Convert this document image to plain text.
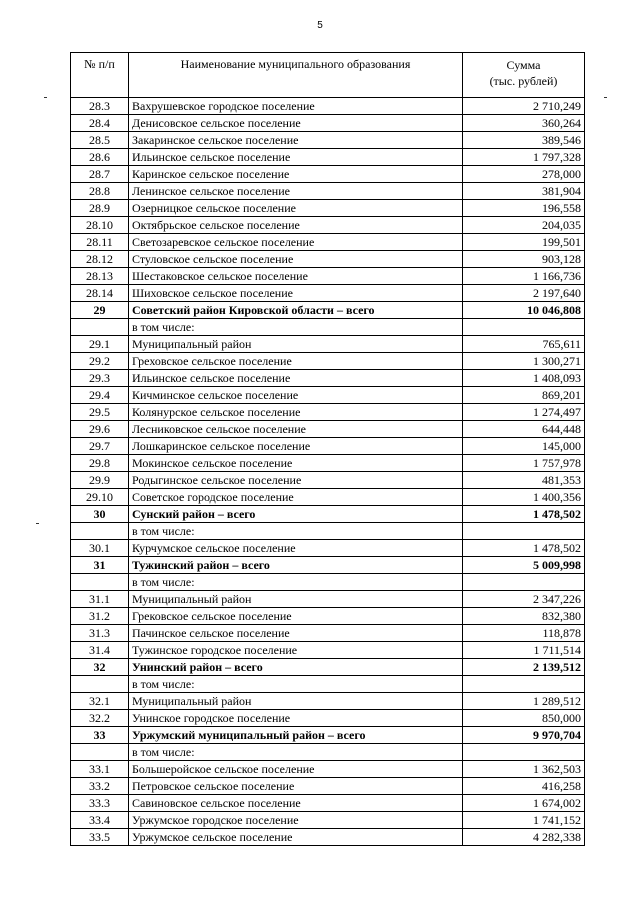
5
№ п/п	Наименование муниципального образования	Сумма
(тыс. рублей)

28.3	Вахрушевское городское поселение	2 710,249
28.4	Денисовское сельское поселение	360,264
28.5	Закаринское сельское поселение	389,546
28.6	Ильинское сельское поселение	1 797,328
28.7	Каринское сельское поселение	278,000
28.8	Ленинское сельское поселение	381,904
28.9	Озерницкое сельское поселение	196,558
28.10	Октябрьское сельское поселение	204,035
28.11	Светозаревское сельское поселение	199,501
28.12	Стуловское сельское поселение	903,128
28.13	Шестаковское сельское поселение	1 166,736
28.14	Шиховское сельское поселение	2 197,640
29	Советский район Кировской области – всего	10 046,808
	в том числе:	
29.1	Муниципальный район	765,611
29.2	Греховское сельское поселение	1 300,271
29.3	Ильинское сельское поселение	1 408,093
29.4	Кичминское сельское поселение	869,201
29.5	Колянурское сельское поселение	1 274,497
29.6	Лесниковское сельское поселение	644,448
29.7	Лошкаринское сельское поселение	145,000
29.8	Мокинское сельское поселение	1 757,978
29.9	Родыгинское сельское поселение	481,353
29.10	Советское городское поселение	1 400,356
30	Сунский район – всего	1 478,502
	в том числе:	
30.1	Курчумское сельское поселение	1 478,502
31	Тужинский район – всего	5 009,998
	в том числе:	
31.1	Муниципальный район	2 347,226
31.2	Грековское сельское поселение	832,380
31.3	Пачинское сельское поселение	118,878
31.4	Тужинское городское поселение	1 711,514
32	Унинский район – всего	2 139,512
	в том числе:	
32.1	Муниципальный район	1 289,512
32.2	Унинское городское поселение	850,000
33	Уржумский муниципальный район – всего	9 970,704
	в том числе:	
33.1	Большеройское сельское поселение	1 362,503
33.2	Петровское сельское поселение	416,258
33.3	Савиновское сельское поселение	1 674,002
33.4	Уржумское городское поселение	1 741,152
33.5	Уржумское сельское поселение	4 282,338
